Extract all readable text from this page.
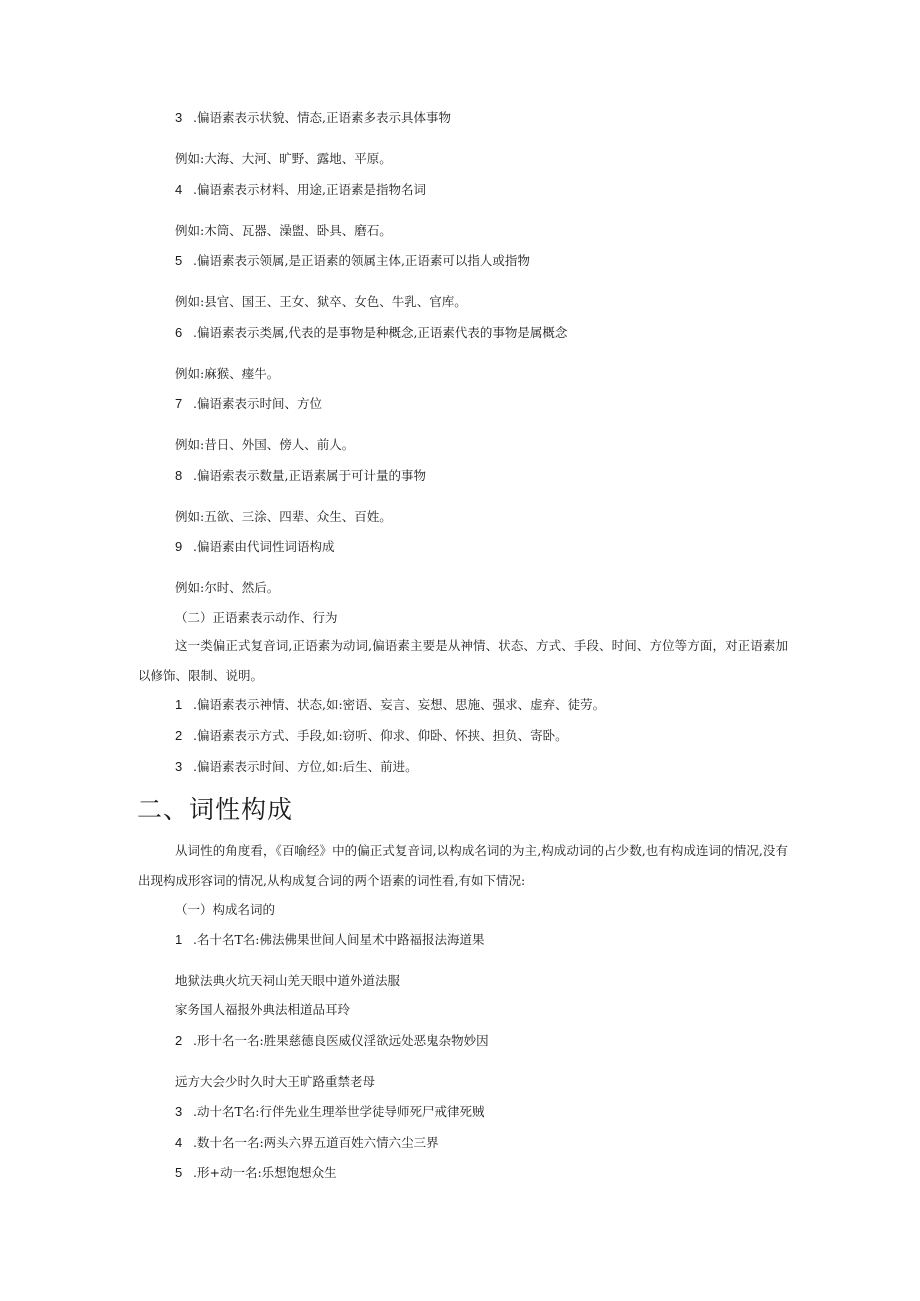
3 .偏语素表示状貌、情态,正语素多表示具体事物
例如:大海、大河、旷野、露地、平原。
4 .偏语素表示材料、用途,正语素是指物名词
例如:木筒、瓦器、澡盥、卧具、磨石。
5 .偏语素表示领属,是正语素的领属主体,正语素可以指人或指物
例如:县官、国王、王女、狱卒、女色、牛乳、官库。
6 .偏语素表示类属,代表的是事物是种概念,正语素代表的事物是属概念
例如:麻猴、瘗牛。
7 .偏语素表示时间、方位
例如:昔日、外国、傍人、前人。
8 .偏语索表示数量,正语素属于可计量的事物
例如:五欲、三涂、四辈、众生、百姓。
9 .偏语素由代词性词语构成
例如:尔时、然后。
（二）正语素表示动作、行为
这一类偏正式复音词,正语素为动词,偏语素主要是从神情、状态、方式、手段、时间、方位等方面，对正语素加以修饰、限制、说明。
1 .偏语素表示神情、状态,如:密语、妄言、妄想、思施、强求、虚弃、徒劳。
2 .偏语素表示方式、手段,如:窃听、仰求、仰卧、怀挟、担负、寄卧。
3 .偏语素表示时间、方位,如:后生、前进。
二、词性构成
从词性的角度看，《百喻经》中的偏正式复音词,以构成名词的为主,构成动词的占少数,也有构成连词的情况,没有出现构成形容词的情况,从构成复合词的两个语素的词性看,有如下情况:
（一）构成名词的
1 .名十名T名:佛法佛果世间人间星术中路福报法海道果
地狱法典火坑天祠山羌天眼中道外道法服
家务国人福报外典法相道品耳玲
2 .形十名一名:胜果慈德良医威仪淫欲远处恶鬼杂物妙因
远方大会少时久时大王旷路重禁老母
3 .动十名T名:行伴先业生理举世学徒导师死尸戒律死贼
4 .数十名一名:两头六界五道百姓六情六尘三界
5 .形+动一名:乐想饱想众生
